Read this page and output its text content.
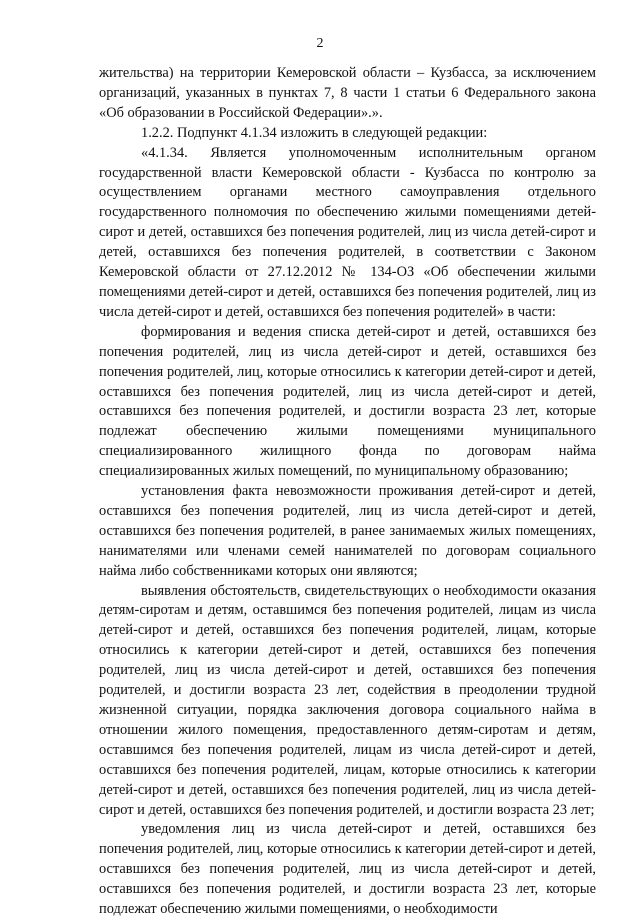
2

жительства) на территории Кемеровской области – Кузбасса, за исключением организаций, указанных в пунктах 7, 8 части 1 статьи 6 Федерального закона «Об образовании в Российской Федерации».».

1.2.2. Подпункт 4.1.34 изложить в следующей редакции:

«4.1.34. Является уполномоченным исполнительным органом государственной власти Кемеровской области - Кузбасса по контролю за осуществлением органами местного самоуправления отдельного государственного полномочия по обеспечению жилыми помещениями детей-сирот и детей, оставшихся без попечения родителей, лиц из числа детей-сирот и детей, оставшихся без попечения родителей, в соответствии с Законом Кемеровской области от 27.12.2012 № 134-ОЗ «Об обеспечении жилыми помещениями детей-сирот и детей, оставшихся без попечения родителей, лиц из числа детей-сирот и детей, оставшихся без попечения родителей» в части:

формирования и ведения списка детей-сирот и детей, оставшихся без попечения родителей, лиц из числа детей-сирот и детей, оставшихся без попечения родителей, лиц, которые относились к категории детей-сирот и детей, оставшихся без попечения родителей, лиц из числа детей-сирот и детей, оставшихся без попечения родителей, и достигли возраста 23 лет, которые подлежат обеспечению жилыми помещениями муниципального специализированного жилищного фонда по договорам найма специализированных жилых помещений, по муниципальному образованию;

установления факта невозможности проживания детей-сирот и детей, оставшихся без попечения родителей, лиц из числа детей-сирот и детей, оставшихся без попечения родителей, в ранее занимаемых жилых помещениях, нанимателями или членами семей нанимателей по договорам социального найма либо собственниками которых они являются;

выявления обстоятельств, свидетельствующих о необходимости оказания детям-сиротам и детям, оставшимся без попечения родителей, лицам из числа детей-сирот и детей, оставшихся без попечения родителей, лицам, которые относились к категории детей-сирот и детей, оставшихся без попечения родителей, лиц из числа детей-сирот и детей, оставшихся без попечения родителей, и достигли возраста 23 лет, содействия в преодолении трудной жизненной ситуации, порядка заключения договора социального найма в отношении жилого помещения, предоставленного детям-сиротам и детям, оставшимся без попечения родителей, лицам из числа детей-сирот и детей, оставшихся без попечения родителей, лицам, которые относились к категории детей-сирот и детей, оставшихся без попечения родителей, лиц из числа детей-сирот и детей, оставшихся без попечения родителей, и достигли возраста 23 лет;

уведомления лиц из числа детей-сирот и детей, оставшихся без попечения родителей, лиц, которые относились к категории детей-сирот и детей, оставшихся без попечения родителей, лиц из числа детей-сирот и детей, оставшихся без попечения родителей, и достигли возраста 23 лет, которые подлежат обеспечению жилыми помещениями, о необходимости
